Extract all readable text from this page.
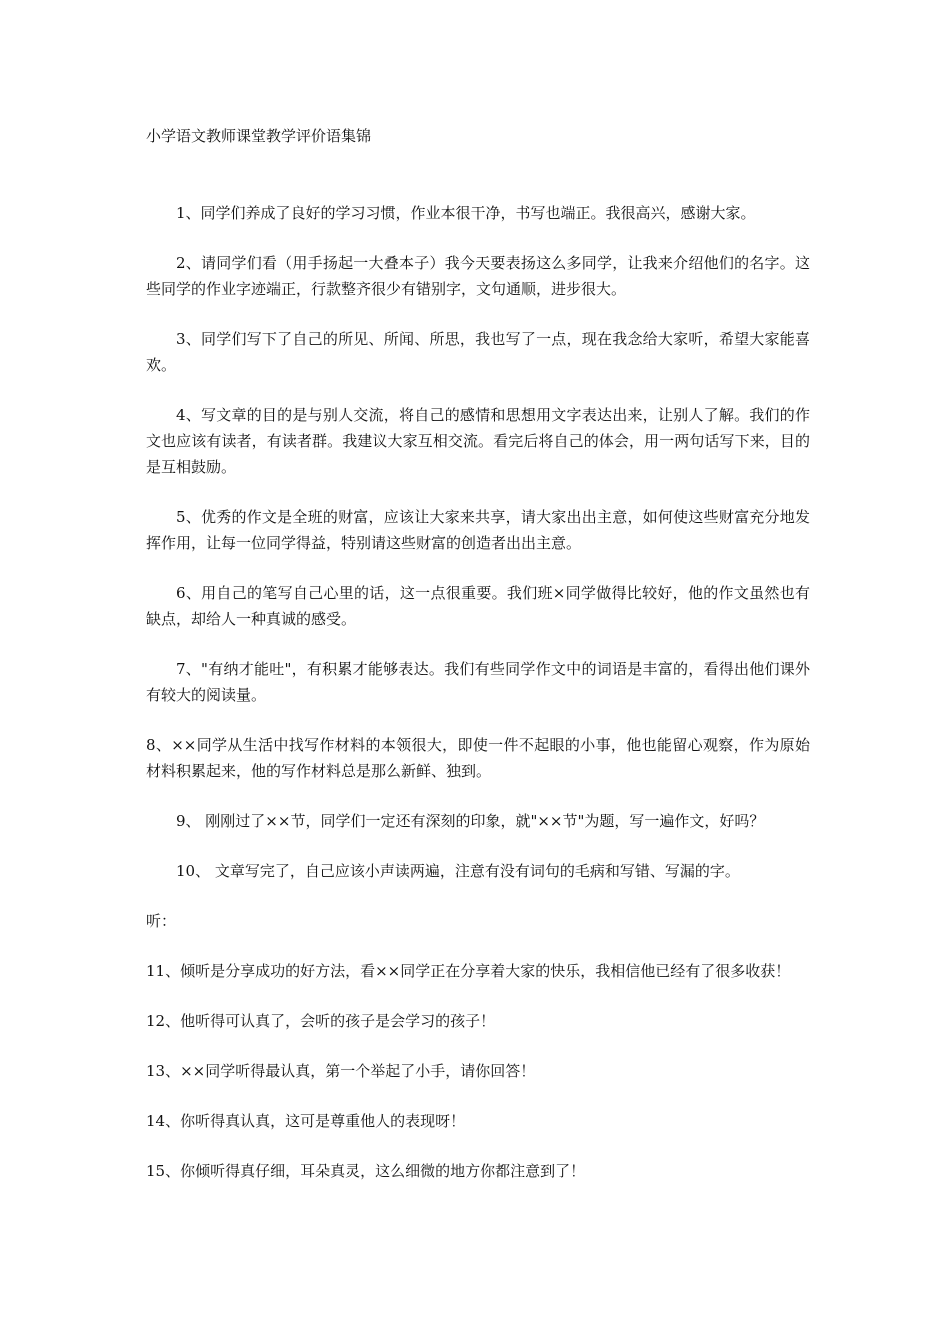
小学语文教师课堂教学评价语集锦

1、同学们养成了良好的学习习惯，作业本很干净，书写也端正。我很高兴，感谢大家。

2、请同学们看（用手扬起一大叠本子）我今天要表扬这么多同学，让我来介绍他们的名字。这些同学的作业字迹端正，行款整齐很少有错别字，文句通顺，进步很大。

3、同学们写下了自己的所见、所闻、所思，我也写了一点，现在我念给大家听，希望大家能喜欢。

4、写文章的目的是与别人交流，将自己的感情和思想用文字表达出来，让别人了解。我们的作文也应该有读者，有读者群。我建议大家互相交流。看完后将自己的体会，用一两句话写下来，目的是互相鼓励。

5、优秀的作文是全班的财富，应该让大家来共享，请大家出出主意，如何使这些财富充分地发挥作用，让每一位同学得益，特别请这些财富的创造者出出主意。

6、用自己的笔写自己心里的话，这一点很重要。我们班×同学做得比较好，他的作文虽然也有缺点，却给人一种真诚的感受。

7、"有纳才能吐"，有积累才能够表达。我们有些同学作文中的词语是丰富的，看得出他们课外有较大的阅读量。

8、××同学从生活中找写作材料的本领很大，即使一件不起眼的小事，他也能留心观察，作为原始材料积累起来，他的写作材料总是那么新鲜、独到。

9、 刚刚过了××节，同学们一定还有深刻的印象，就"××节"为题，写一遍作文，好吗？

10、 文章写完了，自己应该小声读两遍，注意有没有词句的毛病和写错、写漏的字。

听：

11、倾听是分享成功的好方法，看××同学正在分享着大家的快乐，我相信他已经有了很多收获！

12、他听得可认真了，会听的孩子是会学习的孩子！

13、××同学听得最认真，第一个举起了小手，请你回答！

14、你听得真认真，这可是尊重他人的表现呀！

15、你倾听得真仔细，耳朵真灵，这么细微的地方你都注意到了！
